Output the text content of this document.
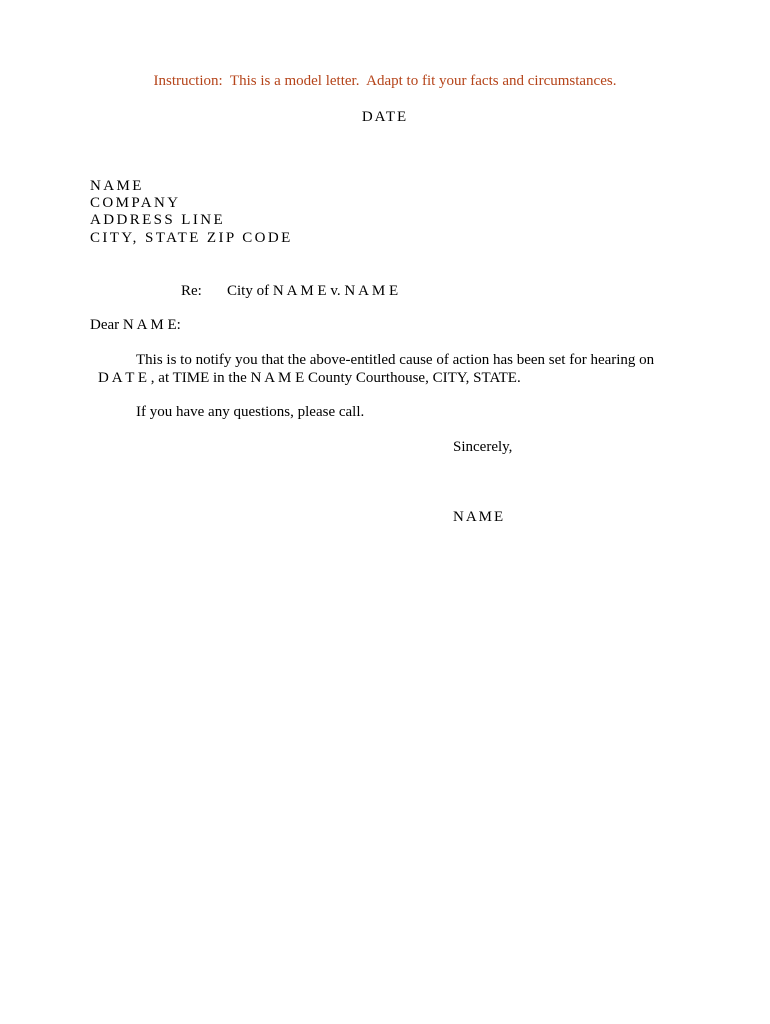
Instruction:  This is a model letter.  Adapt to fit your facts and circumstances.
DATE
NAME
COMPANY
ADDRESS LINE
CITY, STATE ZIP CODE
Re: City of N A M E v. N A M E
Dear N A M E:
This is to notify you that the above-entitled cause of action has been set for hearing on
D A T E , at TIME in the N A M E County Courthouse, CITY, STATE.
If you have any questions, please call.
Sincerely,
NAME
